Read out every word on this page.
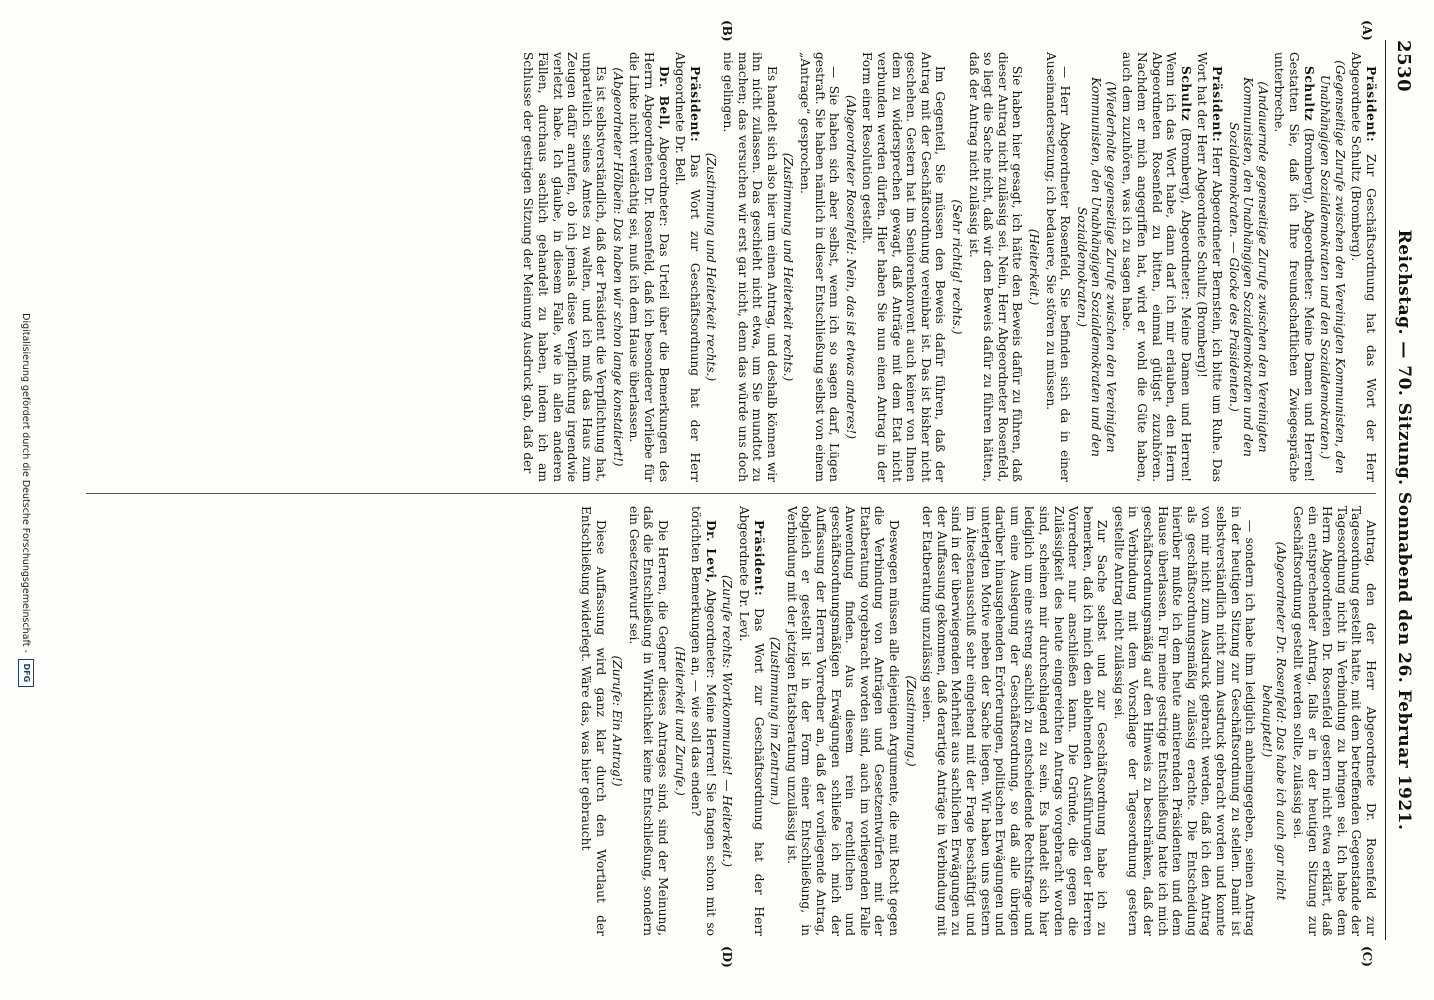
2530
Reichstag. — 70. Sitzung. Sonnabend den 26. Februar 1921.
(A)
(B)
(C)
(D)

Präsident: Zur Geschäftsordnung hat das Wort der Herr Abgeordnete Schultz (Bromberg).

(Gegenseitige Zurufe zwischen den Vereinigten Kommunisten, den Unabhängigen Sozialdemokraten und den Sozialdemokraten.)

Schultz (Bromberg), Abgeordneter: Meine Damen und Herren! Gestatten Sie, daß ich Ihre freundschaftlichen Zwiegespräche unterbreche.

(Andauernde gegenseitige Zurufe zwischen den Vereinigten Kommunisten, den Unabhängigen Sozialdemokraten und den Sozialdemokraten. — Glocke des Präsidenten.)

Präsident: Herr Abgeordneter Bernstein, ich bitte um Ruhe. Das Wort hat der Herr Abgeordnete Schultz (Bromberg)!

Schultz (Bromberg), Abgeordneter: Meine Damen und Herren! Wenn ich das Wort habe, dann darf ich mir erlauben, den Herrn Abgeordneten Rosenfeld zu bitten, einmal gütigst zuzuhören. Nachdem er mich angegriffen hat, wird er wohl die Güte haben, auch dem zuzuhören, was ich zu sagen habe.

(Wiederholte gegenseitige Zurufe zwischen den Vereinigten Kommunisten, den Unabhängigen Sozialdemokraten und den Sozialdemokraten.)

— Herr Abgeordneter Rosenfeld, Sie befinden sich da in einer Auseinandersetzung; ich bedauere, Sie stören zu müssen.

(Heiterkeit.)

Sie haben hier gesagt, ich hätte den Beweis dafür zu führen, daß dieser Antrag nicht zulässig sei. Nein, Herr Abgeordneter Rosenfeld, so liegt die Sache nicht, daß wir den Beweis dafür zu führen hätten, daß der Antrag nicht zulässig ist.

(Sehr richtig! rechts.)

Im Gegenteil, Sie müssen den Beweis dafür führen, daß der Antrag mit der Geschäftsordnung vereinbar ist. Das ist bisher nicht geschehen. Gestern hat im Seniorenkonvent auch keiner von Ihnen dem zu widersprechen gewagt, daß Anträge mit dem Etat nicht verbunden werden dürfen. Hier haben Sie nun einen Antrag in der Form einer Resolution gestellt.

(Abgeordneter Rosenfeld: Nein, das ist etwas anderes!)

— Sie haben sich aber selbst, wenn ich so sagen darf, Lügen gestraft. Sie haben nämlich in dieser Entschließung selbst von einem „Antrage“ gesprochen.

(Zustimmung und Heiterkeit rechts.)

Es handelt sich also hier um einen Antrag, und deshalb können wir ihn nicht zulassen. Das geschieht nicht etwa, um Sie mundtot zu machen; das versuchen wir erst gar nicht, denn das würde uns doch nie gelingen.

(Zustimmung und Heiterkeit rechts.)

Präsident: Das Wort zur Geschäftsordnung hat der Herr Abgeordnete Dr. Bell.

Dr. Bell, Abgeordneter: Das Urteil über die Bemerkungen des Herrn Abgeordneten Dr. Rosenfeld, daß ich besonderer Vorliebe für die Linke nicht verdächtig sei, muß ich dem Hause überlassen.

(Abgeordneter Hölbein: Das haben wir schon lange konstatiert!)

Es ist selbstverständlich, daß der Präsident die Verpflichtung hat, unparteilich seines Amtes zu walten, und ich muß das Haus zum Zeugen dafür anrufen, ob ich jemals diese Verpflichtung irgendwie verletzt habe. Ich glaube, in diesem Falle, wie in allen anderen Fällen, durchaus sachlich gehandelt zu haben, indem ich am Schlusse der gestrigen Sitzung der Meinung Ausdruck gab, daß der

Antrag, den der Herr Abgeordnete Dr. Rosenfeld zur Tagesordnung gestellt hatte, mit dem betreffenden Gegenstande der Tagesordnung nicht in Verbindung zu bringen sei. Ich habe dem Herrn Abgeordneten Dr. Rosenfeld gestern nicht etwa erklärt, daß ein entsprechender Antrag, falls er in der heutigen Sitzung zur Geschäftsordnung gestellt werden sollte, zulässig sei.

(Abgeordneter Dr. Rosenfeld: Das habe ich auch gar nicht behauptet!)

— sondern ich habe ihm lediglich anheimgegeben, seinen Antrag in der heutigen Sitzung zur Geschäftsordnung zu stellen. Damit ist selbstverständlich nicht zum Ausdruck gebracht worden und konnte von mir nicht zum Ausdruck gebracht werden, daß ich den Antrag als geschäftsordnungsmäßig zulässig erachte. Die Entscheidung hierüber mußte ich dem heute amtierenden Präsidenten und dem Hause überlassen. Für meine gestrige Entschließung hatte ich mich geschäftsordnungsmäßig auf den Hinweis zu beschränken, daß der in Verbindung mit dem Vorschlage der Tagesordnung gestern gestellte Antrag nicht zulässig sei.

Zur Sache selbst und zur Geschäftsordnung habe ich zu bemerken, daß ich mich den ablehnenden Ausführungen der Herren Vorredner nur anschließen kann. Die Gründe, die gegen die Zulässigkeit des heute eingereichten Antrags vorgebracht worden sind, scheinen mir durchschlagend zu sein. Es handelt sich hier lediglich um eine streng sachlich zu entscheidende Rechtsfrage und um eine Auslegung der Geschäftsordnung, so daß alle übrigen darüber hinausgehenden Erörterungen, politischen Erwägungen und unterlegten Motive neben der Sache liegen. Wir haben uns gestern im Ältestenausschuß sehr eingehend mit der Frage beschäftigt und sind in der überwiegenden Mehrheit aus sachlichen Erwägungen zu der Auffassung gekommen, daß derartige Anträge in Verbindung mit der Etatberatung unzulässig seien.

(Zustimmung.)

Deswegen müssen alle diejenigen Argumente, die mit Recht gegen die Verbindung von Anträgen und Gesetzentwürfen mit der Etatberatung vorgebracht worden sind, auch im vorliegenden Falle Anwendung finden. Aus diesem rein rechtlichen und geschäftsordnungsmäßigen Erwägungen schließe ich mich der Auffassung der Herren Vorredner an, daß der vorliegende Antrag, obgleich er gestellt ist in der Form einer Entschließung, in Verbindung mit der jetzigen Etatsberatung unzulässig ist.

(Zustimmung im Zentrum.)

Präsident: Das Wort zur Geschäftsordnung hat der Herr Abgeordnete Dr. Levi.

(Zurufe rechts: Wortkommunist! — Heiterkeit.)

Dr. Levi, Abgeordneter: Meine Herren! Sie fangen schon mit so törichten Bemerkungen an, — wie soll das enden?

(Heiterkeit und Zurufe.)

Die Herren, die Gegner dieses Antrages sind, sind der Meinung, daß die Entschließung in Wirklichkeit keine Entschließung, sondern ein Gesetzentwurf sei.

(Zurufe: Ein Antrag!)

Diese Auffassung wird ganz klar durch den Wortlaut der Entschließung widerlegt. Wäre das, was hier gebraucht

Digitalisierung gefördert durch die Deutsche Forschungsgemeinschaft -
DFG
